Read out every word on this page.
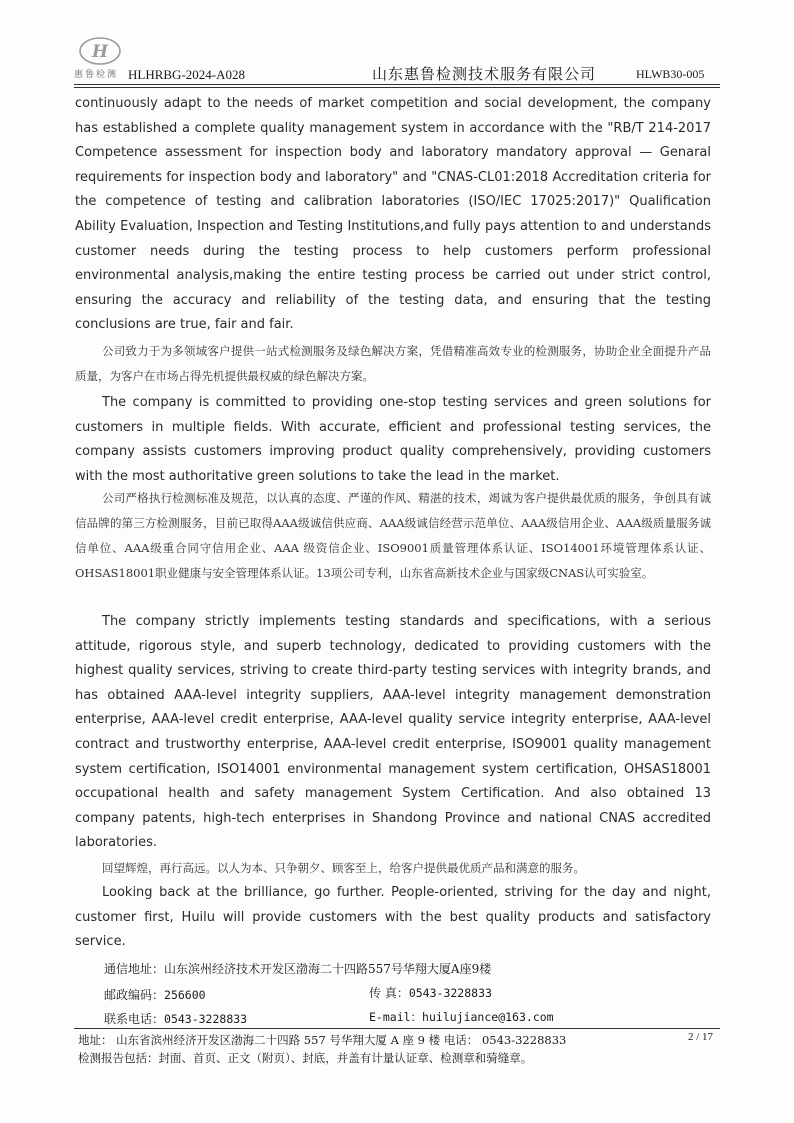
H
惠鲁检测 HLHRBG-2024-A028	山东惠鲁检测技术服务有限公司	HLWB30-005
continuously adapt to the needs of market competition and social development, the company has established a complete quality management system in accordance with the "RB/T 214-2017 Competence assessment for inspection body and laboratory mandatory approval — Genaral requirements for inspection body and laboratory" and "CNAS-CL01:2018 Accreditation criteria for the competence of testing and calibration laboratories (ISO/IEC 17025:2017)" Qualification Ability Evaluation, Inspection and Testing Institutions,and fully pays attention to and understands customer needs during the testing process to help customers perform professional environmental analysis,making the entire testing process be carried out under strict control, ensuring the accuracy and reliability of the testing data, and ensuring that the testing conclusions are true, fair and fair.
公司致力于为多领域客户提供一站式检测服务及绿色解决方案，凭借精准高效专业的检测服务，协助企业全面提升产品质量，为客户在市场占得先机提供最权威的绿色解决方案。
The company is committed to providing one-stop testing services and green solutions for customers in multiple fields. With accurate, efficient and professional testing services, the company assists customers improving product quality comprehensively, providing customers with the most authoritative green solutions to take the lead in the market.
公司严格执行检测标准及规范，以认真的态度、严谨的作风、精湛的技术，竭诚为客户提供最优质的服务，争创具有诚信品牌的第三方检测服务，目前已取得AAA级诚信供应商、AAA级诚信经营示范单位、AAA级信用企业、AAA级质量服务诚信单位、AAA级重合同守信用企业、AAA 级资信企业、ISO9001质量管理体系认证、ISO14001环境管理体系认证、OHSAS18001职业健康与安全管理体系认证。13项公司专利，山东省高新技术企业与国家级CNAS认可实验室。
The company strictly implements testing standards and specifications, with a serious attitude, rigorous style, and superb technology, dedicated to providing customers with the highest quality services, striving to create third-party testing services with integrity brands, and has obtained AAA-level integrity suppliers, AAA-level integrity management demonstration enterprise, AAA-level credit enterprise, AAA-level quality service integrity enterprise, AAA-level contract and trustworthy enterprise, AAA-level credit enterprise, ISO9001 quality management system certification, ISO14001 environmental management system certification, OHSAS18001 occupational health and safety management System Certification. And also obtained 13 company patents, high-tech enterprises in Shandong Province and national CNAS accredited laboratories.
回望辉煌，再行高远。以人为本、只争朝夕、顾客至上，给客户提供最优质产品和满意的服务。
Looking back at the brilliance, go further. People-oriented, striving for the day and night, customer first, Huilu will provide customers with the best quality products and satisfactory service.
通信地址：山东滨州经济技术开发区渤海二十四路557号华翔大厦A座9楼
邮政编码：256600	传 真：0543-3228833
联系电话：0543-3228833	E-mail：huilujiance@163.com
地址： 山东省滨州经济开发区渤海二十四路 557 号华翔大厦 A 座 9 楼 电话： 0543-3228833
检测报告包括：封面、首页、正文（附页）、封底，并盖有计量认证章、检测章和骑缝章。
2 / 17
